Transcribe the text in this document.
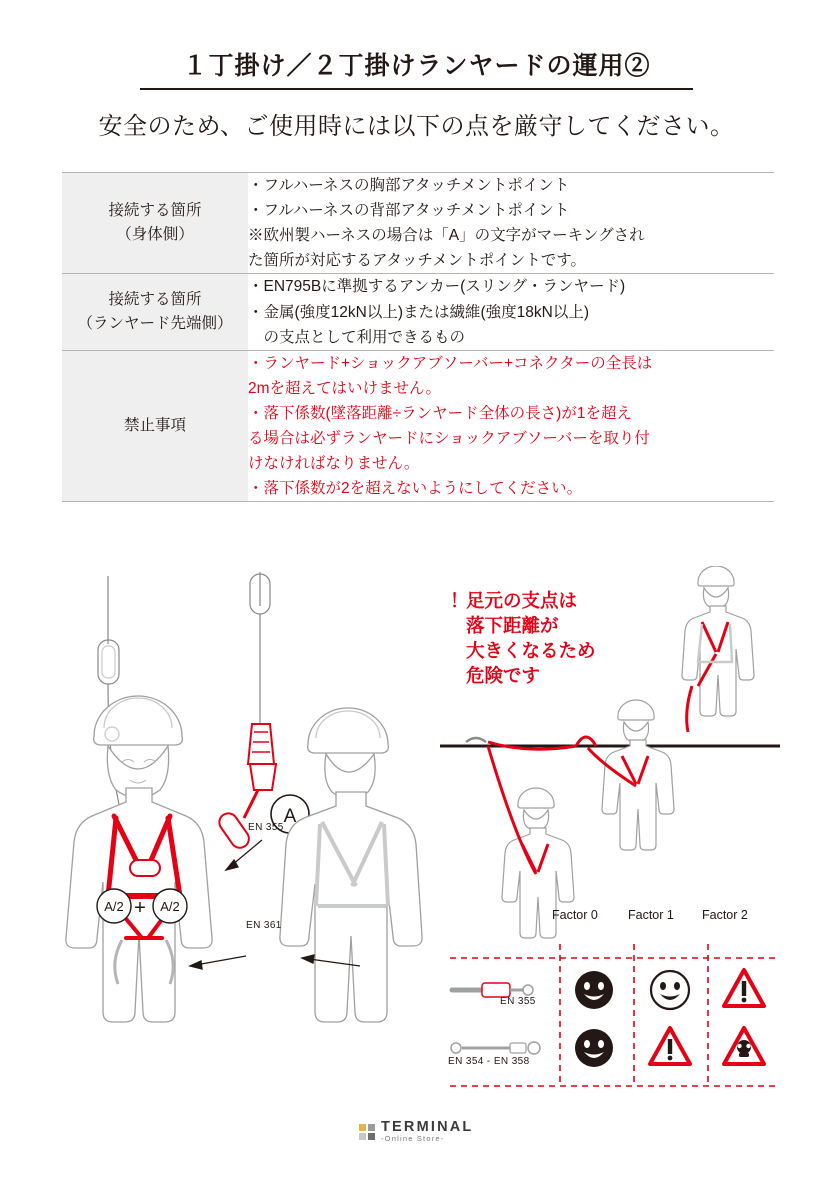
１丁掛け／２丁掛けランヤードの運用②
安全のため、ご使用時には以下の点を厳守してください。
接続する箇所
（身体側）

・フルハーネスの胸部アタッチメントポイント
・フルハーネスの背部アタッチメントポイント
※欧州製ハーネスの場合は「A」の文字がマーキングされ
た箇所が対応するアタッチメントポイントです。

接続する箇所
（ランヤード先端側）

・EN795Bに準拠するアンカー(スリング・ランヤード)
・金属(強度12kN以上)または繊維(強度18kN以上)
　の支点として利用できるもの

禁止事項

・ランヤード+ショックアブソーバー+コネクターの全長は
2mを超えてはいけません。
・落下係数(墜落距離÷ランヤード全体の長さ)が1を超え
る場合は必ずランヤードにショックアブソーバーを取り付
けなければなりません。
・落下係数が2を超えないようにしてください。
！
足元の支点は
落下距離が
大きくなるため
危険です
A/2 + A/2
A
EN 355
EN 361
Factor 0 Factor 1 Factor 2
EN 355
EN 354 - EN 358
TERMINAL
-Online Store-
